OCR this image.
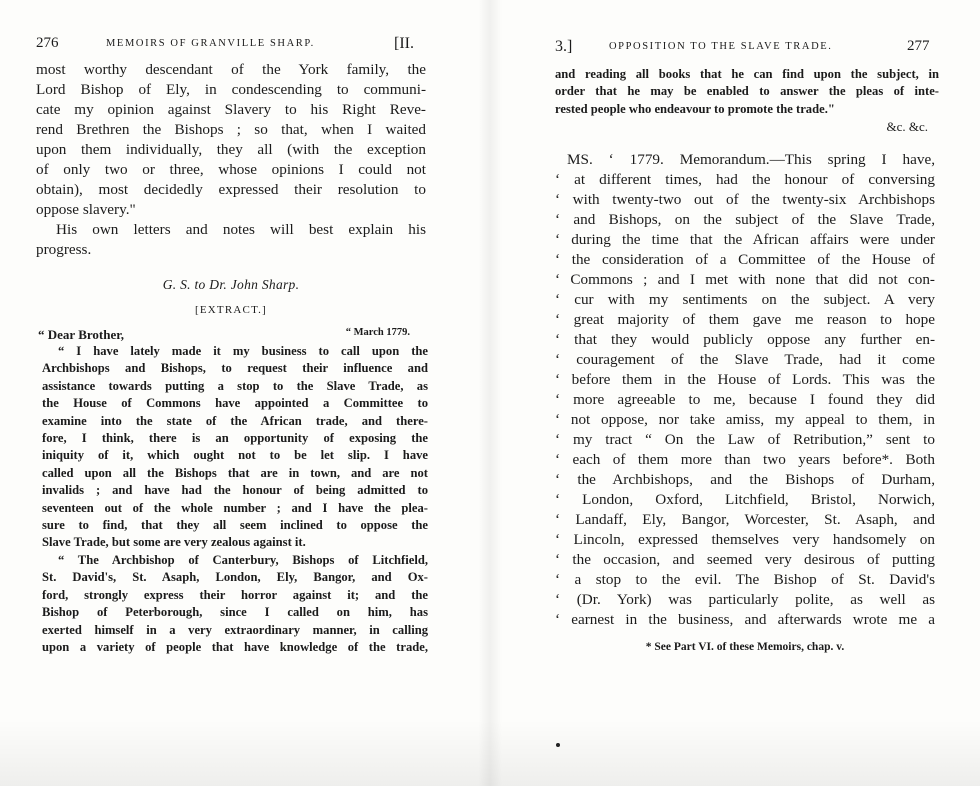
276	MEMOIRS OF GRANVILLE SHARP.	[II.
most worthy descendant of the York family, the
Lord Bishop of Ely, in condescending to communi-
cate my opinion against Slavery to his Right Reve-
rend Brethren the Bishops ; so that, when I waited
upon them individually, they all (with the exception
of only two or three, whose opinions I could not
obtain), most decidedly expressed their resolution to
oppose slavery."
His own letters and notes will best explain his
progress.
G. S. to Dr. John Sharp.
[EXTRACT.]
“ Dear Brother,	“ March 1779.
“ I have lately made it my business to call upon the
Archbishops and Bishops, to request their influence and
assistance towards putting a stop to the Slave Trade, as
the House of Commons have appointed a Committee to
examine into the state of the African trade, and there-
fore, I think, there is an opportunity of exposing the
iniquity of it, which ought not to be let slip. I have
called upon all the Bishops that are in town, and are not
invalids ; and have had the honour of being admitted to
seventeen out of the whole number ; and I have the plea-
sure to find, that they all seem inclined to oppose the
Slave Trade, but some are very zealous against it.
“ The Archbishop of Canterbury, Bishops of Litchfield,
St. David's, St. Asaph, London, Ely, Bangor, and Ox-
ford, strongly express their horror against it; and the
Bishop of Peterborough, since I called on him, has
exerted himself in a very extraordinary manner, in calling
upon a variety of people that have knowledge of the trade,
3.]	OPPOSITION TO THE SLAVE TRADE.	277
and reading all books that he can find upon the subject, in
order that he may be enabled to answer the pleas of inte-
rested people who endeavour to promote the trade."
&c. &c.
MS. ‘ 1779. Memorandum.—This spring I have,
‘ at different times, had the honour of conversing
‘ with twenty-two out of the twenty-six Archbishops
‘ and Bishops, on the subject of the Slave Trade,
‘ during the time that the African affairs were under
‘ the consideration of a Committee of the House of
‘ Commons ; and I met with none that did not con-
‘ cur with my sentiments on the subject. A very
‘ great majority of them gave me reason to hope
‘ that they would publicly oppose any further en-
‘ couragement of the Slave Trade, had it come
‘ before them in the House of Lords. This was the
‘ more agreeable to me, because I found they did
‘ not oppose, nor take amiss, my appeal to them, in
‘ my tract “ On the Law of Retribution,” sent to
‘ each of them more than two years before*. Both
‘ the Archbishops, and the Bishops of Durham,
‘ London, Oxford, Litchfield, Bristol, Norwich,
‘ Landaff, Ely, Bangor, Worcester, St. Asaph, and
‘ Lincoln, expressed themselves very handsomely on
‘ the occasion, and seemed very desirous of putting
‘ a stop to the evil. The Bishop of St. David's
‘ (Dr. York) was particularly polite, as well as
‘ earnest in the business, and afterwards wrote me a
* See Part VI. of these Memoirs, chap. v.
